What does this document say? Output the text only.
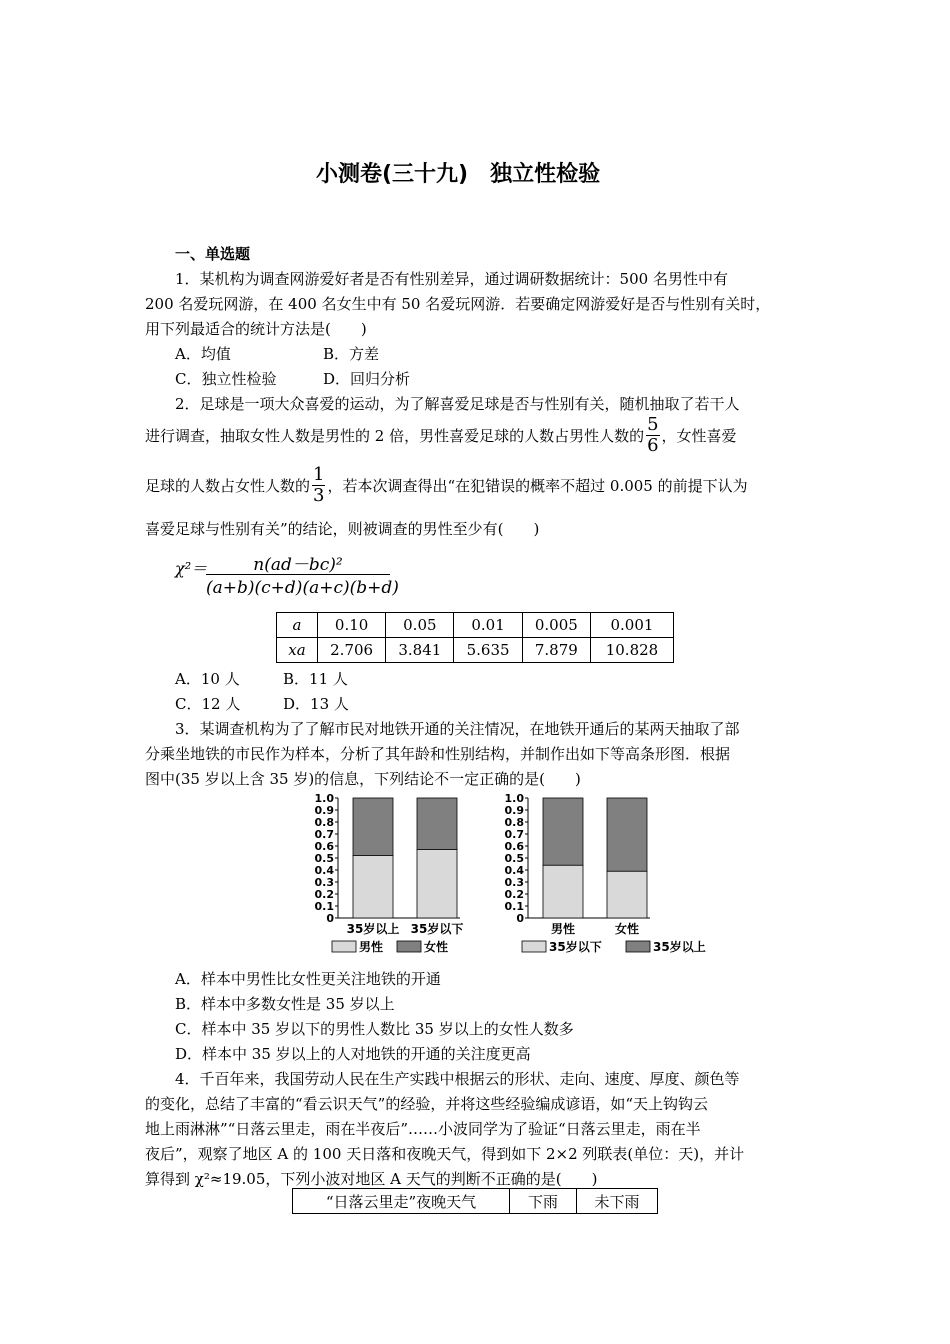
小测卷(三十九)　独立性检验
一、单选题
1．某机构为调查网游爱好者是否有性别差异，通过调研数据统计：500 名男性中有
200 名爱玩网游，在 400 名女生中有 50 名爱玩网游．若要确定网游爱好是否与性别有关时，
用下列最适合的统计方法是(　　)
A．均值	B．方差
C．独立性检验	D．回归分析
2．足球是一项大众喜爱的运动，为了解喜爱足球是否与性别有关，随机抽取了若干人
进行调查，抽取女性人数是男性的 2 倍，男性喜爱足球的人数占男性人数的 $\frac{5}{6}$ ，女性喜爱
足球的人数占女性人数的 $\frac{1}{3}$ ，若本次调查得出“在犯错误的概率不超过 0.005 的前提下认为
喜爱足球与性别有关”的结论，则被调查的男性至少有(　　)
χ²＝	n(ad－bc)²
(a+b)(c+d)(a+c)(b+d)
a	0.10	0.05	0.01	0.005	0.001
xa	2.706	3.841	5.635	7.879	10.828
A．10 人	B．11 人
C．12 人	D．13 人
3．某调查机构为了了解市民对地铁开通的关注情况，在地铁开通后的某两天抽取了部
分乘坐地铁的市民作为样本，分析了其年龄和性别结构，并制作出如下等高条形图．根据
图中(35 岁以上含 35 岁)的信息，下列结论不一定正确的是(　　)
1.0
0.9
0.8
0.7
0.6
0.5
0.4
0.3
0.2
0.1
0
35岁以上 35岁以下
男性	女性
1.0
0.9
0.8
0.7
0.6
0.5
0.4
0.3
0.2
0.1
0
男性	女性
35岁以下	35岁以上
A．样本中男性比女性更关注地铁的开通
B．样本中多数女性是 35 岁以上
C．样本中 35 岁以下的男性人数比 35 岁以上的女性人数多
D．样本中 35 岁以上的人对地铁的开通的关注度更高
4．千百年来，我国劳动人民在生产实践中根据云的形状、走向、速度、厚度、颜色等
的变化，总结了丰富的“看云识天气”的经验，并将这些经验编成谚语，如“天上钩钩云
地上雨淋淋”“日落云里走，雨在半夜后”……小波同学为了验证“日落云里走，雨在半
夜后”，观察了地区 A 的 100 天日落和夜晚天气，得到如下 2×2 列联表(单位：天)，并计
算得到 χ²≈19.05，下列小波对地区 A 天气的判断不正确的是(　　)
“日落云里走”夜晚天气	下雨	未下雨
